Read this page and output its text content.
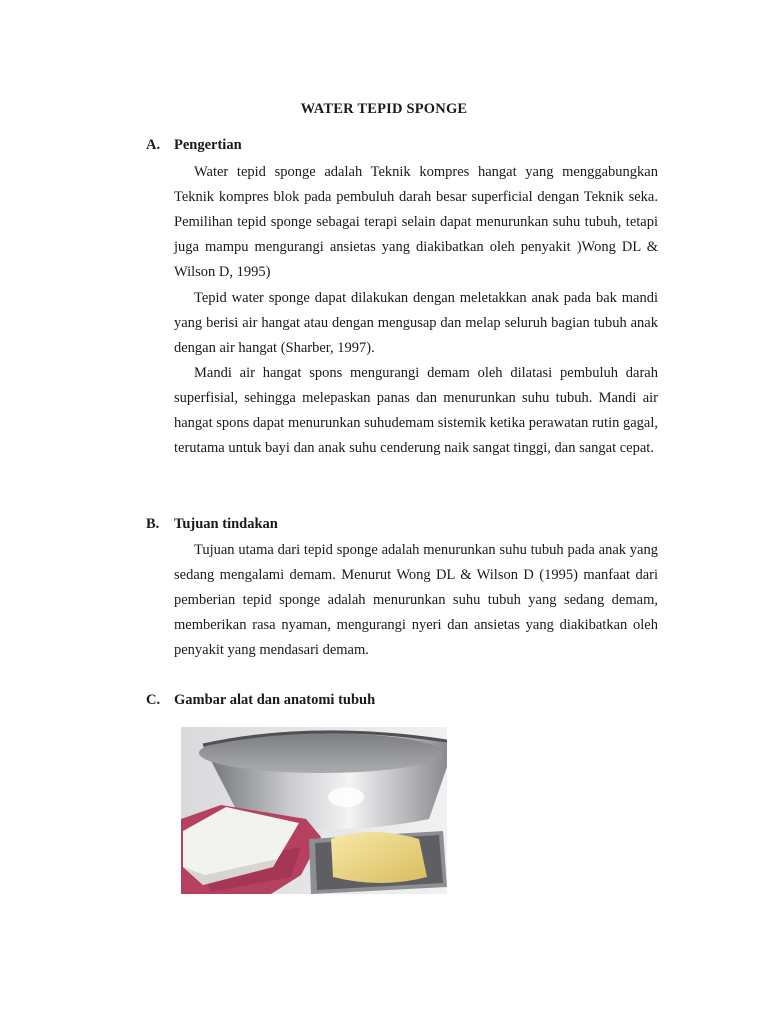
WATER TEPID SPONGE
A. Pengertian

Water tepid sponge adalah Teknik kompres hangat yang menggabungkan Teknik kompres blok pada pembuluh darah besar superficial dengan Teknik seka. Pemilihan tepid sponge sebagai terapi selain dapat menurunkan suhu tubuh, tetapi juga mampu mengurangi ansietas yang diakibatkan oleh penyakit )Wong DL & Wilson D, 1995)

Tepid water sponge dapat dilakukan dengan meletakkan anak pada bak mandi yang berisi air hangat atau dengan mengusap dan melap seluruh bagian tubuh anak dengan air hangat (Sharber, 1997).

Mandi air hangat spons mengurangi demam oleh dilatasi pembuluh darah superfisial, sehingga melepaskan panas dan menurunkan suhu tubuh. Mandi air hangat spons dapat menurunkan suhudemam sistemik ketika perawatan rutin gagal, terutama untuk bayi dan anak suhu cenderung naik sangat tinggi, dan sangat cepat.

B. Tujuan tindakan

Tujuan utama dari tepid sponge adalah menurunkan suhu tubuh pada anak yang sedang mengalami demam. Menurut Wong DL & Wilson D (1995) manfaat dari pemberian tepid sponge adalah menurunkan suhu tubuh yang sedang demam, memberikan rasa nyaman, mengurangi nyeri dan ansietas yang diakibatkan oleh penyakit yang mendasari demam.

C. Gambar alat dan anatomi tubuh
